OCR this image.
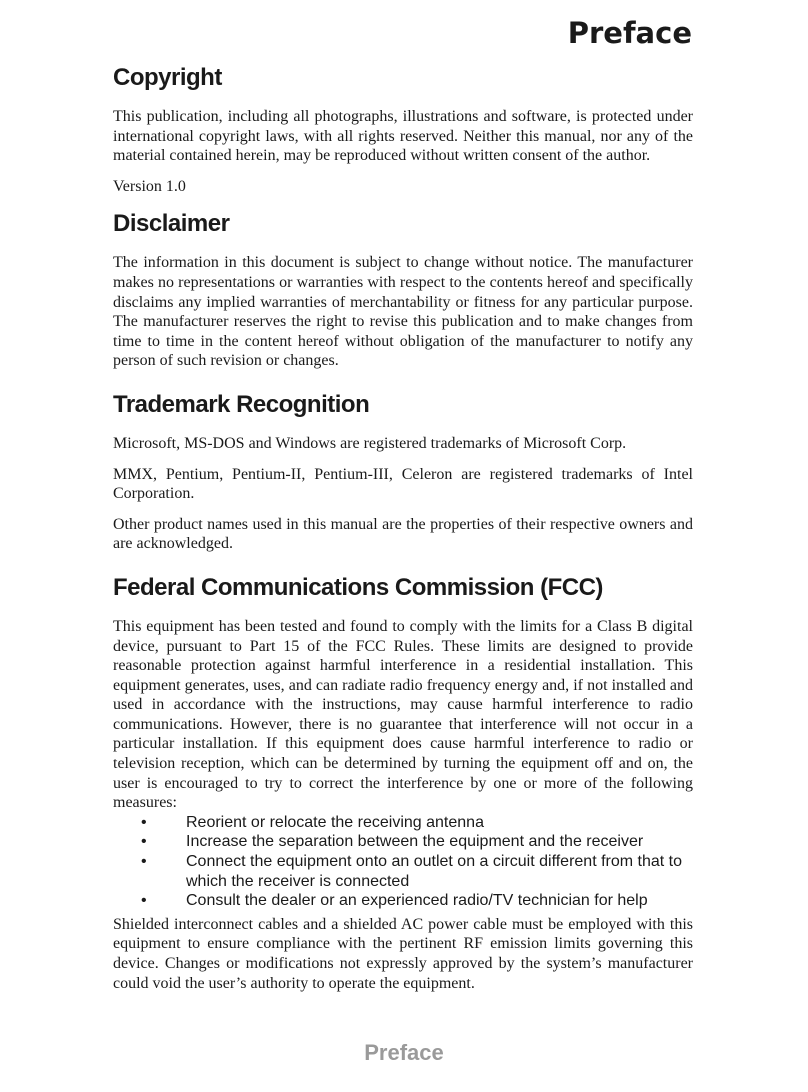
Preface
Copyright

This publication, including all photographs, illustrations and software, is protected under international copyright laws, with all rights reserved. Neither this manual, nor any of the material contained herein, may be reproduced without written consent of the author.

Version 1.0

Disclaimer

The information in this document is subject to change without notice. The manufacturer makes no representations or warranties with respect to the contents hereof and specifically disclaims any implied warranties of merchantability or fitness for any particular purpose. The manufacturer reserves the right to revise this publication and to make changes from time to time in the content hereof without obligation of the manufacturer to notify any person of such revision or changes.

Trademark Recognition

Microsoft, MS-DOS and Windows are registered trademarks of Microsoft Corp.

MMX, Pentium, Pentium-II, Pentium-III, Celeron are registered trademarks of Intel Corporation.

Other product names used in this manual are the properties of their respective owners and are acknowledged.

Federal Communications Commission (FCC)

This equipment has been tested and found to comply with the limits for a Class B digital device, pursuant to Part 15 of the FCC Rules. These limits are designed to provide reasonable protection against harmful interference in a residential installation. This equipment generates, uses, and can radiate radio frequency energy and, if not installed and used in accordance with the instructions, may cause harmful interference to radio communications. However, there is no guarantee that interference will not occur in a particular installation. If this equipment does cause harmful interference to radio or television reception, which can be determined by turning the equipment off and on, the user is encouraged to try to correct the interference by one or more of the following measures:

• Reorient or relocate the receiving antenna
• Increase the separation between the equipment and the receiver
• Connect the equipment onto an outlet on a circuit different from that to which the receiver is connected
• Consult the dealer or an experienced radio/TV technician for help

Shielded interconnect cables and a shielded AC power cable must be employed with this equipment to ensure compliance with the pertinent RF emission limits governing this device. Changes or modifications not expressly approved by the system’s manufacturer could void the user’s authority to operate the equipment.

Preface
